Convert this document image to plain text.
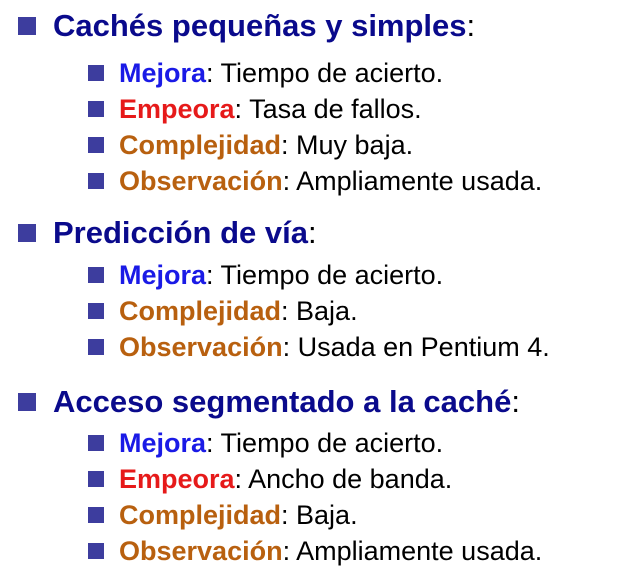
Cachés pequeñas y simples:
Mejora: Tiempo de acierto.
Empeora: Tasa de fallos.
Complejidad: Muy baja.
Observación: Ampliamente usada.
Predicción de vía:
Mejora: Tiempo de acierto.
Complejidad: Baja.
Observación: Usada en Pentium 4.
Acceso segmentado a la caché:
Mejora: Tiempo de acierto.
Empeora: Ancho de banda.
Complejidad: Baja.
Observación: Ampliamente usada.
